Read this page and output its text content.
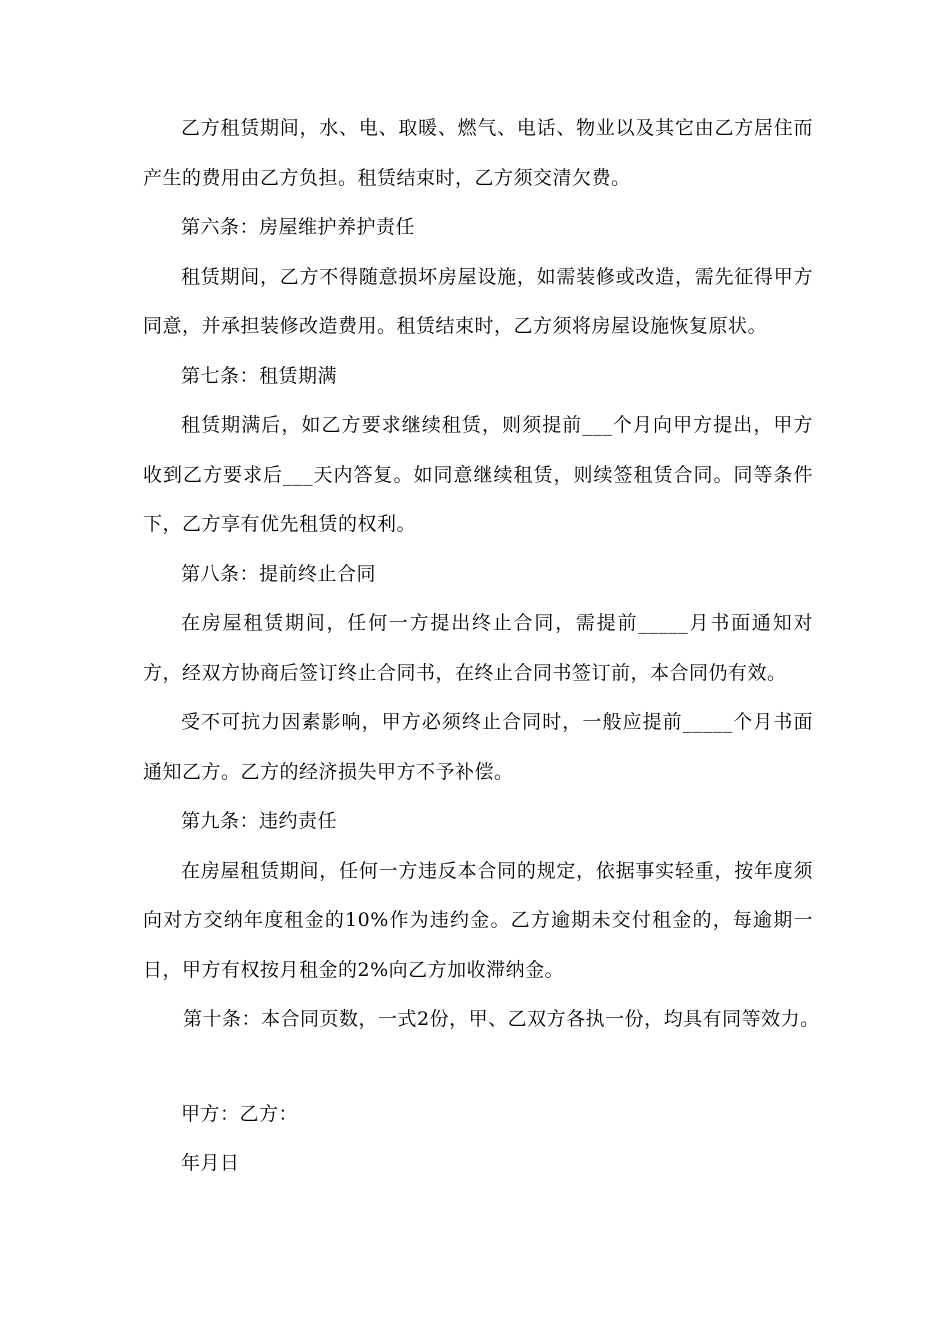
乙方租赁期间，水、电、取暖、燃气、电话、物业以及其它由乙方居住而产生的费用由乙方负担。租赁结束时，乙方须交清欠费。

第六条：房屋维护养护责任

租赁期间，乙方不得随意损坏房屋设施，如需装修或改造，需先征得甲方同意，并承担装修改造费用。租赁结束时，乙方须将房屋设施恢复原状。

第七条：租赁期满

租赁期满后，如乙方要求继续租赁，则须提前___个月向甲方提出，甲方收到乙方要求后___天内答复。如同意继续租赁，则续签租赁合同。同等条件下，乙方享有优先租赁的权利。

第八条：提前终止合同

在房屋租赁期间，任何一方提出终止合同，需提前_____月书面通知对方，经双方协商后签订终止合同书，在终止合同书签订前，本合同仍有效。

受不可抗力因素影响，甲方必须终止合同时，一般应提前_____个月书面通知乙方。乙方的经济损失甲方不予补偿。

第九条：违约责任

在房屋租赁期间，任何一方违反本合同的规定，依据事实轻重，按年度须向对方交纳年度租金的10%作为违约金。乙方逾期未交付租金的，每逾期一日，甲方有权按月租金的2%向乙方加收滞纳金。

第十条：本合同页数，一式2份，甲、乙双方各执一份，均具有同等效力。

甲方：乙方：

年月日
